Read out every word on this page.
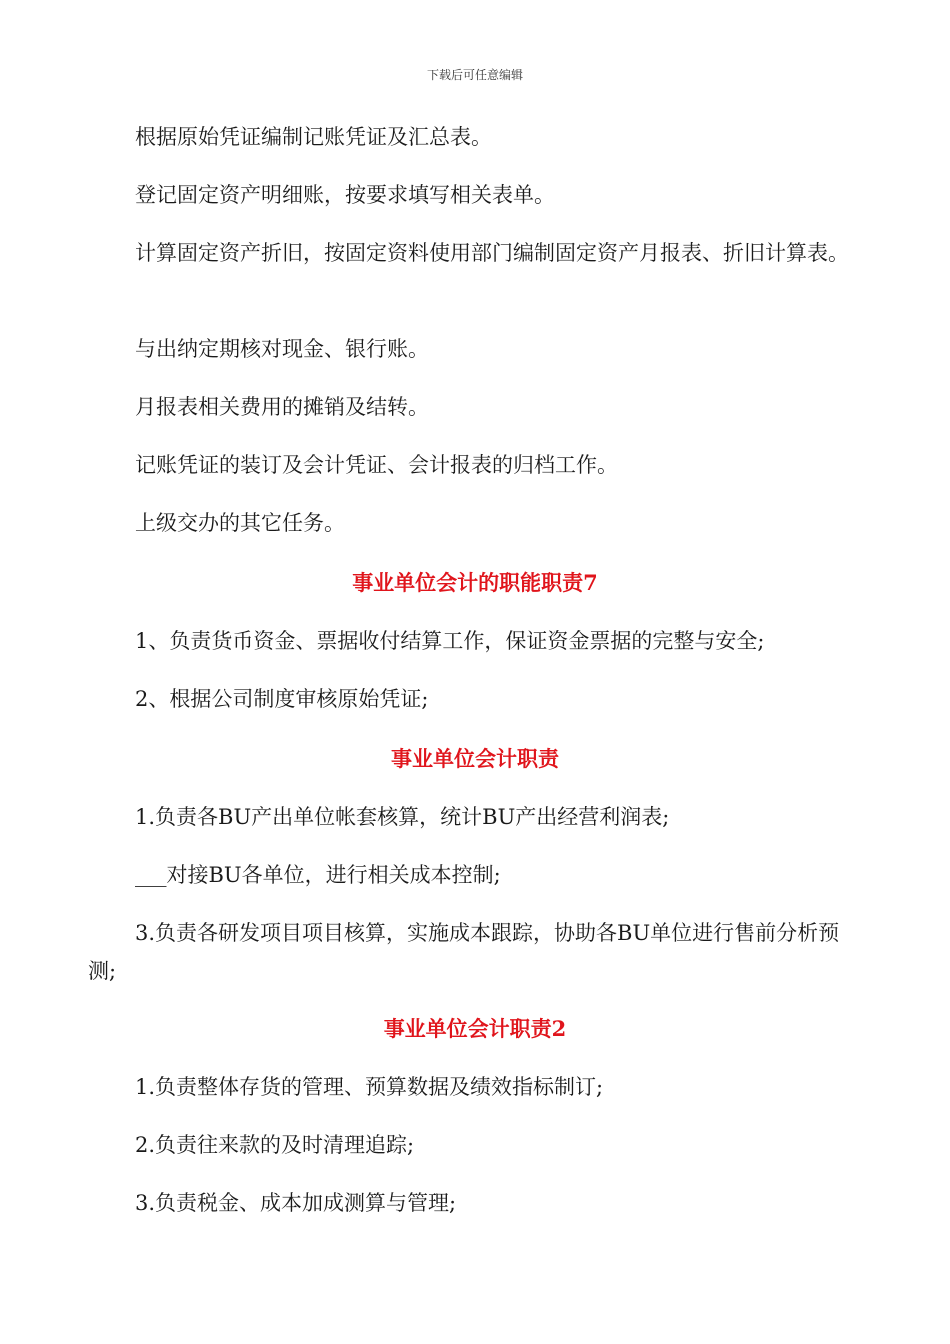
下载后可任意编辑

根据原始凭证编制记账凭证及汇总表。

登记固定资产明细账，按要求填写相关表单。

计算固定资产折旧，按固定资料使用部门编制固定资产月报表、折旧计算表。

与出纳定期核对现金、银行账。

月报表相关费用的摊销及结转。

记账凭证的装订及会计凭证、会计报表的归档工作。

上级交办的其它任务。

事业单位会计的职能职责7

1、负责货币资金、票据收付结算工作，保证资金票据的完整与安全;

2、根据公司制度审核原始凭证;

事业单位会计职责

1.负责各BU产出单位帐套核算，统计BU产出经营利润表;

___对接BU各单位，进行相关成本控制;

3.负责各研发项目项目核算，实施成本跟踪，协助各BU单位进行售前分析预测;

事业单位会计职责2

1.负责整体存货的管理、预算数据及绩效指标制订;

2.负责往来款的及时清理追踪;

3.负责税金、成本加成测算与管理;
